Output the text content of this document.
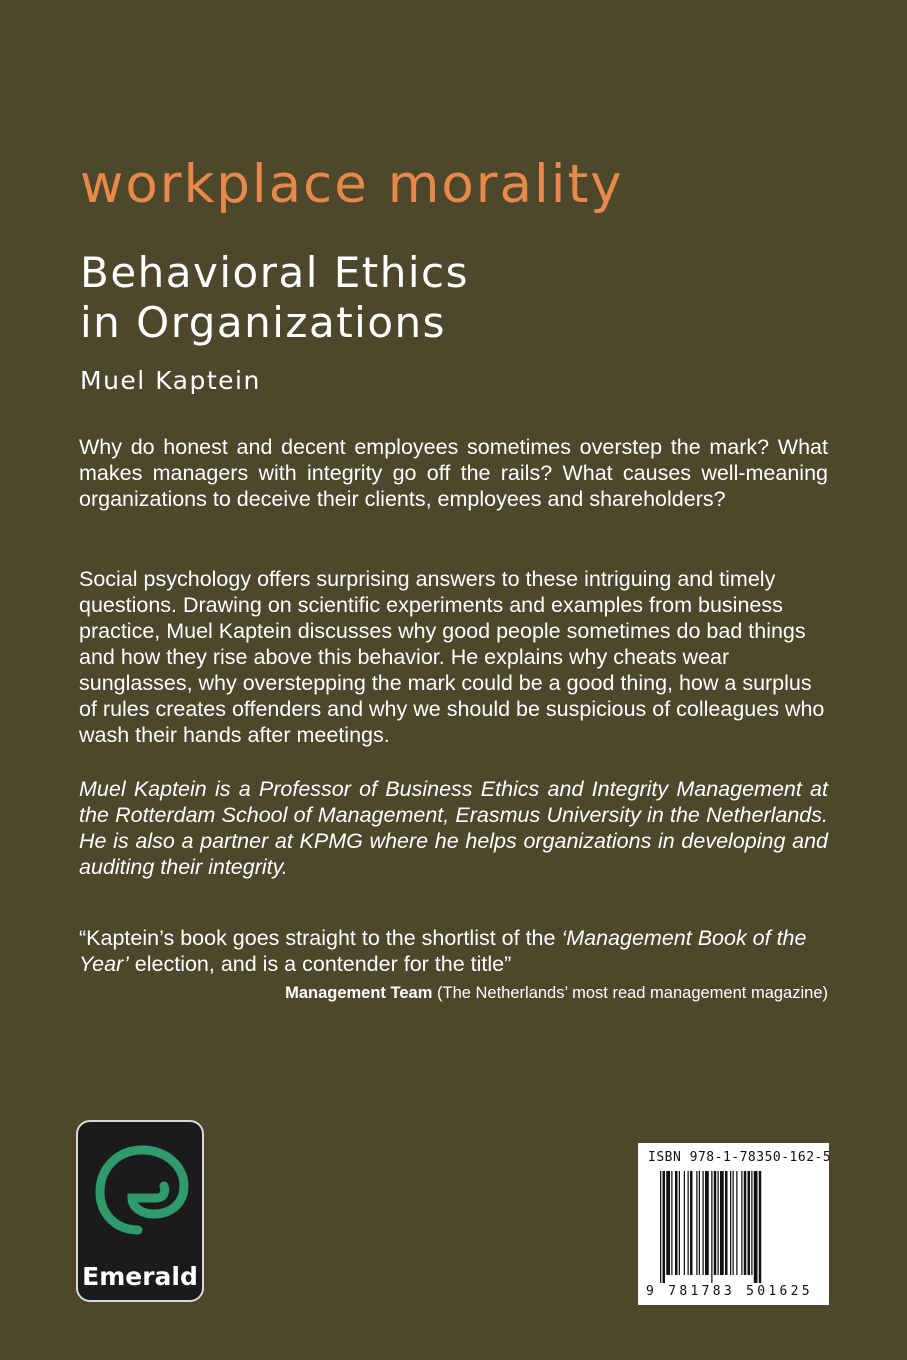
workplace morality
Behavioral Ethics
in Organizations
Muel Kaptein

Why do honest and decent employees sometimes overstep the mark? What makes managers with integrity go off the rails? What causes well-meaning organizations to deceive their clients, employees and shareholders?

Social psychology offers surprising answers to these intriguing and timely questions. Drawing on scientific experiments and examples from business practice, Muel Kaptein discusses why good people sometimes do bad things and how they rise above this behavior. He explains why cheats wear sunglasses, why overstepping the mark could be a good thing, how a surplus of rules creates offenders and why we should be suspicious of colleagues who wash their hands after meetings.

Muel Kaptein is a Professor of Business Ethics and Integrity Management at the Rotterdam School of Management, Erasmus University in the Netherlands. He is also a partner at KPMG where he helps organizations in developing and auditing their integrity.

“Kaptein’s book goes straight to the shortlist of the ‘Management Book of the Year’ election, and is a contender for the title”

Management Team (The Netherlands’ most read management magazine)
Emerald
ISBN 978-1-78350-162-5
9 781783 501625
